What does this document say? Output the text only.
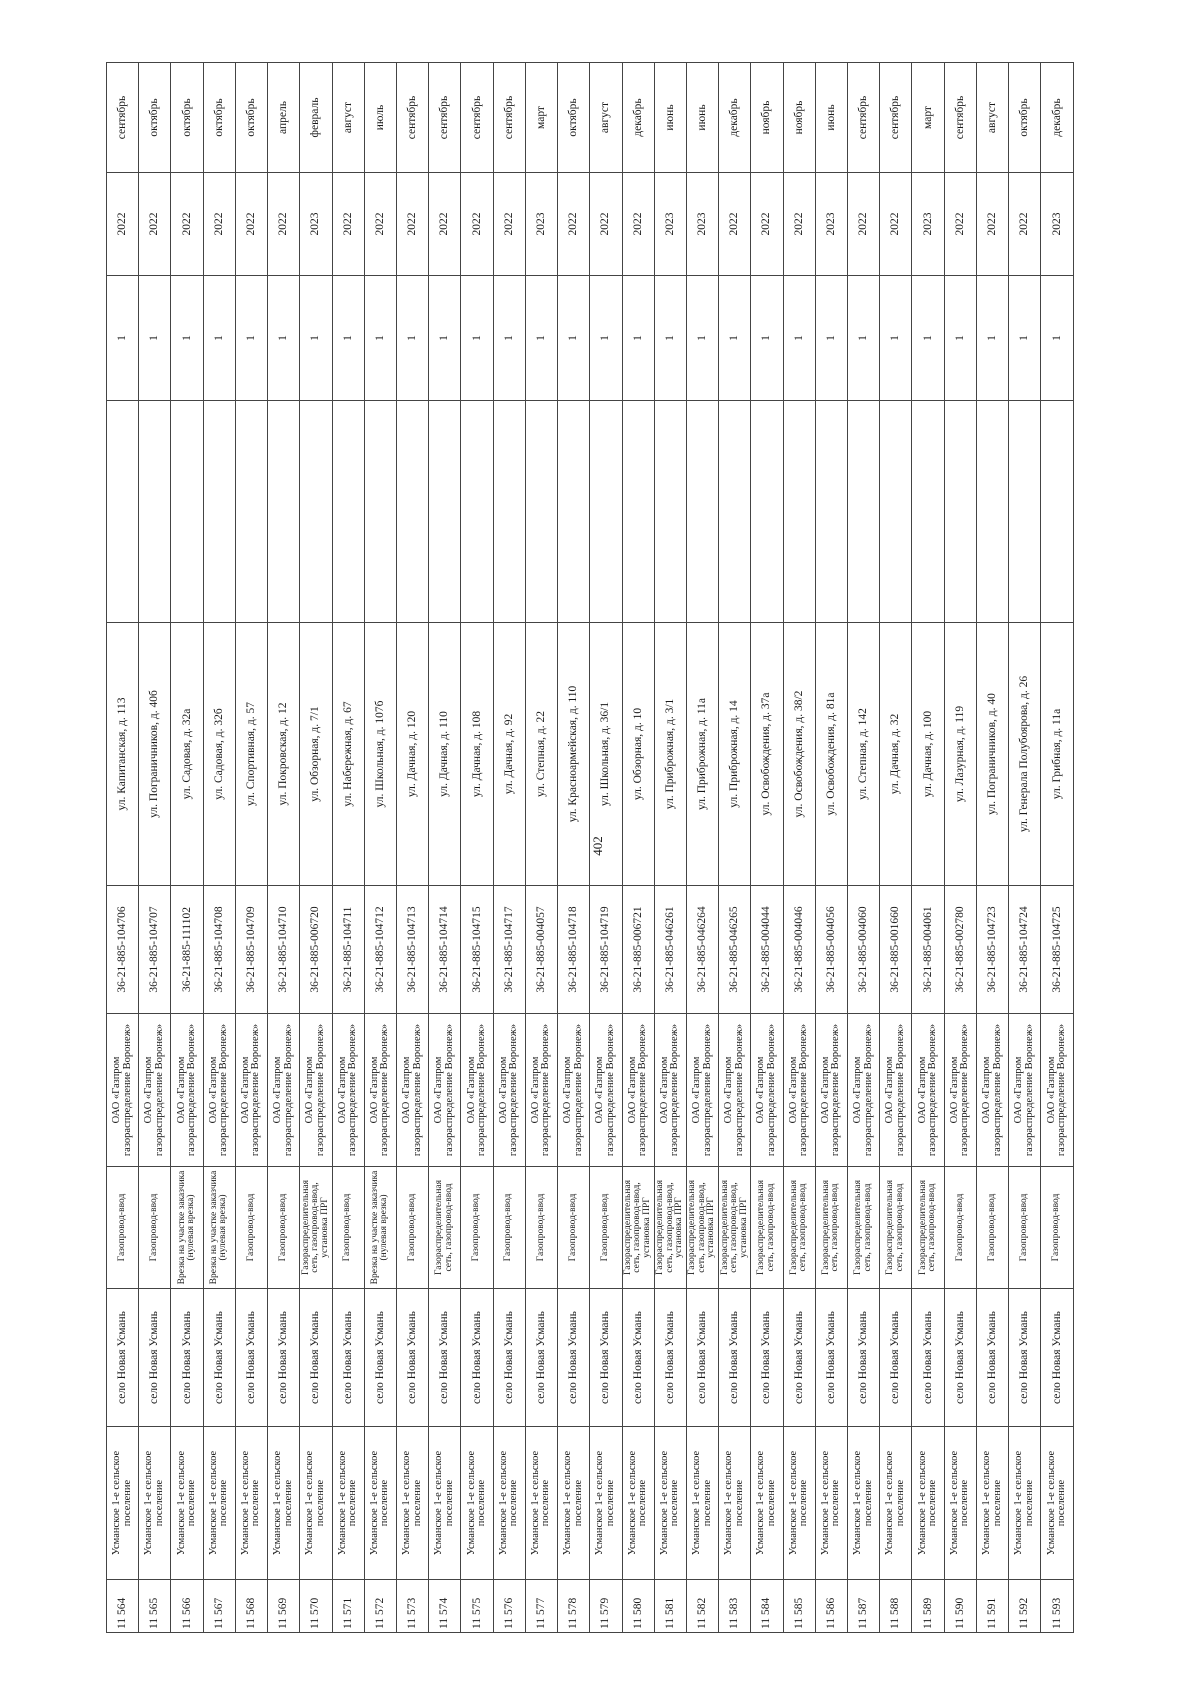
402
11 564	Усманское 1-е сельское поселение	село Новая Усмань	Газопровод-ввод	ОАО «Газпром газораспределение Воронеж»	36-21-885-104706	ул. Капитанская, д. 113		1	2022	сентябрь
11 565	Усманское 1-е сельское поселение	село Новая Усмань	Газопровод-ввод	ОАО «Газпром газораспределение Воронеж»	36-21-885-104707	ул. Пограничников, д. 40б		1	2022	октябрь
11 566	Усманское 1-е сельское поселение	село Новая Усмань	Врезка на участке заказчика (нулевая врезка)	ОАО «Газпром газораспределение Воронеж»	36-21-885-111102	ул. Садовая, д. 32а		1	2022	октябрь
11 567	Усманское 1-е сельское поселение	село Новая Усмань	Врезка на участке заказчика (нулевая врезка)	ОАО «Газпром газораспределение Воронеж»	36-21-885-104708	ул. Садовая, д. 32б		1	2022	октябрь
11 568	Усманское 1-е сельское поселение	село Новая Усмань	Газопровод-ввод	ОАО «Газпром газораспределение Воронеж»	36-21-885-104709	ул. Спортивная, д. 57		1	2022	октябрь
11 569	Усманское 1-е сельское поселение	село Новая Усмань	Газопровод-ввод	ОАО «Газпром газораспределение Воронеж»	36-21-885-104710	ул. Покровская, д. 12		1	2022	апрель
11 570	Усманское 1-е сельское поселение	село Новая Усмань	Газораспределительная сеть, газопровод-ввод, установка ПРГ	ОАО «Газпром газораспределение Воронеж»	36-21-885-006720	ул. Обзорная, д. 7/1		1	2023	февраль
11 571	Усманское 1-е сельское поселение	село Новая Усмань	Газопровод-ввод	ОАО «Газпром газораспределение Воронеж»	36-21-885-104711	ул. Набережная, д. 67		1	2022	август
11 572	Усманское 1-е сельское поселение	село Новая Усмань	Врезка на участке заказчика (нулевая врезка)	ОАО «Газпром газораспределение Воронеж»	36-21-885-104712	ул. Школьная, д. 107б		1	2022	июль
11 573	Усманское 1-е сельское поселение	село Новая Усмань	Газопровод-ввод	ОАО «Газпром газораспределение Воронеж»	36-21-885-104713	ул. Дачная, д. 120		1	2022	сентябрь
11 574	Усманское 1-е сельское поселение	село Новая Усмань	Газораспределительная сеть, газопровод-ввод	ОАО «Газпром газораспределение Воронеж»	36-21-885-104714	ул. Дачная, д. 110		1	2022	сентябрь
11 575	Усманское 1-е сельское поселение	село Новая Усмань	Газопровод-ввод	ОАО «Газпром газораспределение Воронеж»	36-21-885-104715	ул. Дачная, д. 108		1	2022	сентябрь
11 576	Усманское 1-е сельское поселение	село Новая Усмань	Газопровод-ввод	ОАО «Газпром газораспределение Воронеж»	36-21-885-104717	ул. Дачная, д. 92		1	2022	сентябрь
11 577	Усманское 1-е сельское поселение	село Новая Усмань	Газопровод-ввод	ОАО «Газпром газораспределение Воронеж»	36-21-885-004057	ул. Степная, д. 22		1	2023	март
11 578	Усманское 1-е сельское поселение	село Новая Усмань	Газопровод-ввод	ОАО «Газпром газораспределение Воронеж»	36-21-885-104718	ул. Красноармейская, д. 110		1	2022	октябрь
11 579	Усманское 1-е сельское поселение	село Новая Усмань	Газопровод-ввод	ОАО «Газпром газораспределение Воронеж»	36-21-885-104719	ул. Школьная, д. 36/1		1	2022	август
11 580	Усманское 1-е сельское поселение	село Новая Усмань	Газораспределительная сеть, газопровод-ввод, установка ПРГ	ОАО «Газпром газораспределение Воронеж»	36-21-885-006721	ул. Обзорная, д. 10		1	2022	декабрь
11 581	Усманское 1-е сельское поселение	село Новая Усмань	Газораспределительная сеть, газопровод-ввод, установка ПРГ	ОАО «Газпром газораспределение Воронеж»	36-21-885-046261	ул. Приброжная, д. 3/1		1	2023	июнь
11 582	Усманское 1-е сельское поселение	село Новая Усмань	Газораспределительная сеть, газопровод-ввод, установка ПРГ	ОАО «Газпром газораспределение Воронеж»	36-21-885-046264	ул. Приброжная, д. 11а		1	2023	июнь
11 583	Усманское 1-е сельское поселение	село Новая Усмань	Газораспределительная сеть, газопровод-ввод, установка ПРГ	ОАО «Газпром газораспределение Воронеж»	36-21-885-046265	ул. Приброжная, д. 14		1	2022	декабрь
11 584	Усманское 1-е сельское поселение	село Новая Усмань	Газораспределительная сеть, газопровод-ввод	ОАО «Газпром газораспределение Воронеж»	36-21-885-004044	ул. Освобождения, д. 37а		1	2022	ноябрь
11 585	Усманское 1-е сельское поселение	село Новая Усмань	Газораспределительная сеть, газопровод-ввод	ОАО «Газпром газораспределение Воронеж»	36-21-885-004046	ул. Освобождения, д. 38/2		1	2022	ноябрь
11 586	Усманское 1-е сельское поселение	село Новая Усмань	Газораспределительная сеть, газопровод-ввод	ОАО «Газпром газораспределение Воронеж»	36-21-885-004056	ул. Освобождения, д. 81а		1	2023	июнь
11 587	Усманское 1-е сельское поселение	село Новая Усмань	Газораспределительная сеть, газопровод-ввод	ОАО «Газпром газораспределение Воронеж»	36-21-885-004060	ул. Степная, д. 142		1	2022	сентябрь
11 588	Усманское 1-е сельское поселение	село Новая Усмань	Газораспределительная сеть, газопровод-ввод	ОАО «Газпром газораспределение Воронеж»	36-21-885-001660	ул. Дачная, д. 32		1	2022	сентябрь
11 589	Усманское 1-е сельское поселение	село Новая Усмань	Газораспределительная сеть, газопровод-ввод	ОАО «Газпром газораспределение Воронеж»	36-21-885-004061	ул. Дачная, д. 100		1	2023	март
11 590	Усманское 1-е сельское поселение	село Новая Усмань	Газопровод-ввод	ОАО «Газпром газораспределение Воронеж»	36-21-885-002780	ул. Лазурная, д. 119		1	2022	сентябрь
11 591	Усманское 1-е сельское поселение	село Новая Усмань	Газопровод-ввод	ОАО «Газпром газораспределение Воронеж»	36-21-885-104723	ул. Пограничников, д. 40		1	2022	август
11 592	Усманское 1-е сельское поселение	село Новая Усмань	Газопровод-ввод	ОАО «Газпром газораспределение Воронеж»	36-21-885-104724	ул. Генерала Полубоярова, д. 26		1	2022	октябрь
11 593	Усманское 1-е сельское поселение	село Новая Усмань	Газопровод-ввод	ОАО «Газпром газораспределение Воронеж»	36-21-885-104725	ул. Грибная, д. 11а		1	2023	декабрь
